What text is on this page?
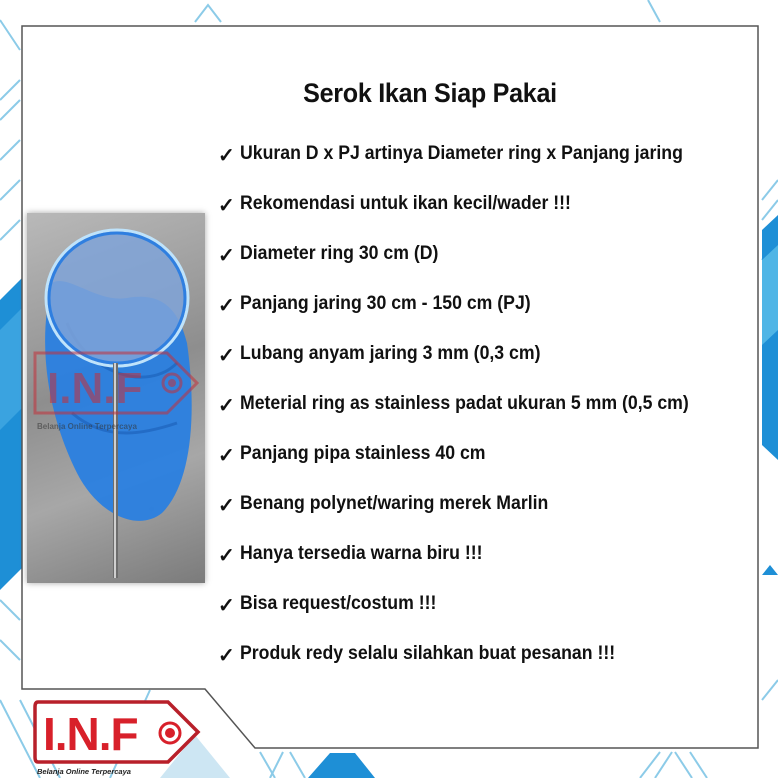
Serok Ikan Siap Pakai
✓ Ukuran D x PJ artinya Diameter ring x Panjang jaring
✓ Rekomendasi untuk ikan kecil/wader !!!
✓ Diameter ring 30 cm (D)
✓ Panjang jaring 30 cm - 150 cm (PJ)
✓ Lubang anyam jaring 3 mm (0,3 cm)
✓ Meterial ring as stainless padat ukuran 5 mm (0,5 cm)
✓ Panjang pipa stainless 40 cm
✓ Benang polynet/waring merek Marlin
✓ Hanya tersedia warna biru !!!
✓ Bisa request/costum !!!
✓ Produk redy selalu silahkan buat pesanan !!!
I.N.F
Belanja Online Terpercaya
I.N.F
Belanja Online Terpercaya
